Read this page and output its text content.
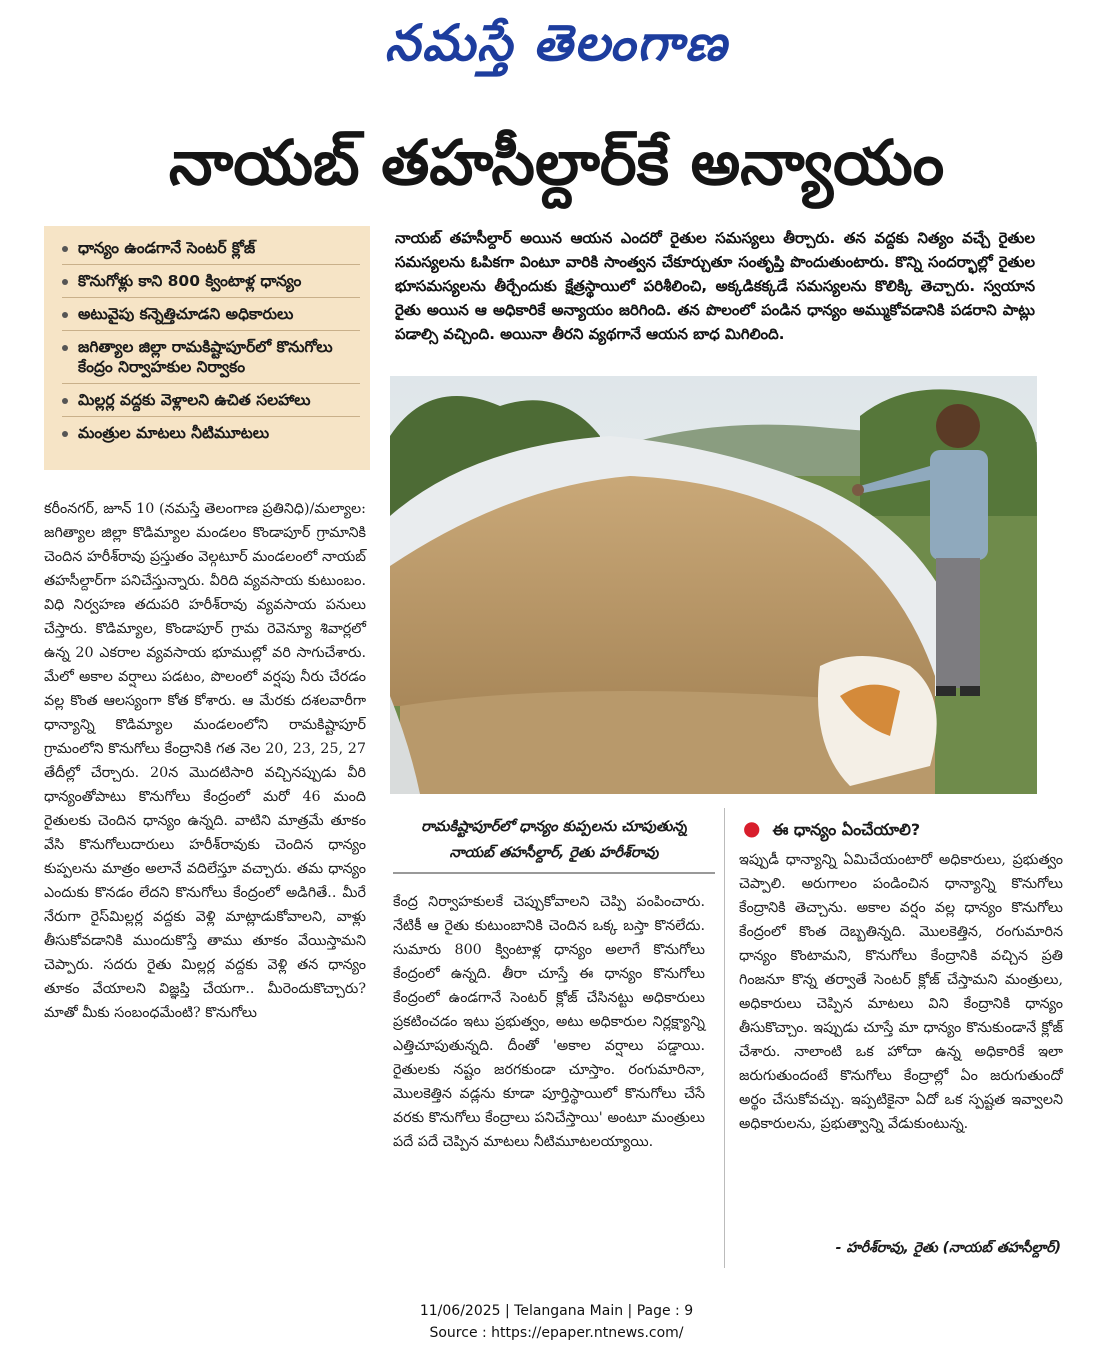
నమస్తే తెలంగాణ
నాయబ్ తహసీల్దార్‌కే అన్యాయం
ధాన్యం ఉండగానే సెంటర్ క్లోజ్
కొనుగోళ్లు కాని 800 క్వింటాళ్ల ధాన్యం
అటువైపు కన్నెత్తిచూడని అధికారులు
జగిత్యాల జిల్లా రామకిష్టాపూర్‌లో కొనుగోలు కేంద్రం నిర్వాహకుల నిర్వాకం
మిల్లర్ల వద్దకు వెళ్లాలని ఉచిత సలహాలు
మంత్రుల మాటలు నీటిమూటలు
నాయబ్ తహసీల్దార్ అయిన ఆయన ఎందరో రైతుల సమస్యలు తీర్చారు. తన వద్దకు నిత్యం వచ్చే రైతుల సమస్యలను ఓపికగా వింటూ వారికి సాంత్వన చేకూర్చుతూ సంతృప్తి పొందుతుంటారు. కొన్ని సందర్భాల్లో రైతుల భూసమస్యలను తీర్చేందుకు క్షేత్రస్థాయిలో పరిశీలించి, అక్కడికక్కడే సమస్యలను కొలిక్కి తెచ్చారు. స్వయాన రైతు అయిన ఆ అధికారికే అన్యాయం జరిగింది. తన పొలంలో పండిన ధాన్యం అమ్ముకోవడానికి పడరాని పాట్లు పడాల్సి వచ్చింది. అయినా తీరని వ్యథగానే ఆయన బాధ మిగిలింది.
కరీంనగర్, జూన్ 10 (నమస్తే తెలంగాణ ప్రతినిధి)/మల్యాల: జగిత్యాల జిల్లా కొడిమ్యాల మండలం కొండాపూర్ గ్రామానికి చెందిన హరీశ్‌రావు ప్రస్తుతం వెల్గటూర్ మండలంలో నాయబ్ తహసీల్దార్‌గా పనిచేస్తున్నారు. వీరిది వ్యవసాయ కుటుంబం. విధి నిర్వహణ తదుపరి హరీశ్‌రావు వ్యవసాయ పనులు చేస్తారు. కొడిమ్యాల, కొండాపూర్ గ్రామ రెవెన్యూ శివార్లలో ఉన్న 20 ఎకరాల వ్యవసాయ భూముల్లో వరి సాగుచేశారు. మేలో అకాల వర్షాలు పడటం, పొలంలో వర్షపు నీరు చేరడం వల్ల కొంత ఆలస్యంగా కోత కోశారు. ఆ మేరకు దశలవారీగా ధాన్యాన్ని కొడిమ్యాల మండలంలోని రామకిష్టాపూర్ గ్రామంలోని కొనుగోలు కేంద్రానికి గత నెల 20, 23, 25, 27 తేదీల్లో చేర్చారు. 20న మొదటిసారి వచ్చినప్పుడు వీరి ధాన్యంతోపాటు కొనుగోలు కేంద్రంలో మరో 46 మంది రైతులకు చెందిన ధాన్యం ఉన్నది. వాటిని మాత్రమే తూకం వేసి కొనుగోలుదారులు హరీశ్‌రావుకు చెందిన ధాన్యం కుప్పలను మాత్రం అలానే వదిలేస్తూ వచ్చారు. తమ ధాన్యం ఎందుకు కొనడం లేదని కొనుగోలు కేంద్రంలో అడిగితే.. మీరే నేరుగా రైస్‌మిల్లర్ల వద్దకు వెళ్లి మాట్లాడుకోవాలని, వాళ్లు తీసుకోవడానికి ముందుకొస్తే తాము తూకం వేయిస్తామని చెప్పారు. సదరు రైతు మిల్లర్ల వద్దకు వెళ్లి తన ధాన్యం తూకం వేయాలని విజ్ఞప్తి చేయగా.. మీరెందుకొచ్చారు? మాతో మీకు సంబంధమేంటి? కొనుగోలు
రామకిష్టాపూర్‌లో ధాన్యం కుప్పలను చూపుతున్న
నాయబ్ తహసీల్దార్, రైతు హరీశ్‌రావు
కేంద్ర నిర్వాహకులకే చెప్పుకోవాలని చెప్పి పంపించారు. నేటికీ ఆ రైతు కుటుంబానికి చెందిన ఒక్క బస్తా కొనలేదు. సుమారు 800 క్వింటాళ్ల ధాన్యం అలాగే కొనుగోలు కేంద్రంలో ఉన్నది. తీరా చూస్తే ఈ ధాన్యం కొనుగోలు కేంద్రంలో ఉండగానే సెంటర్ క్లోజ్ చేసినట్టు అధికారులు ప్రకటించడం ఇటు ప్రభుత్వం, అటు అధికారుల నిర్లక్ష్యాన్ని ఎత్తిచూపుతున్నది. దీంతో 'అకాల వర్షాలు పడ్డాయి. రైతులకు నష్టం జరగకుండా చూస్తాం. రంగుమారినా, మొలకెత్తిన వడ్లను కూడా పూర్తిస్థాయిలో కొనుగోలు చేసే వరకు కొనుగోలు కేంద్రాలు పనిచేస్తాయి' అంటూ మంత్రులు పదే పదే చెప్పిన మాటలు నీటిమూటలయ్యాయి.
● ఈ ధాన్యం ఏంచేయాలి?
ఇప్పుడీ ధాన్యాన్ని ఏమిచేయంటారో అధికారులు, ప్రభుత్వం చెప్పాలి. అరుగాలం పండించిన ధాన్యాన్ని కొనుగోలు కేంద్రానికి తెచ్చాను. అకాల వర్షం వల్ల ధాన్యం కొనుగోలు కేంద్రంలో కొంత దెబ్బతిన్నది. మొలకెత్తిన, రంగుమారిన ధాన్యం కొంటామని, కొనుగోలు కేంద్రానికి వచ్చిన ప్రతి గింజనూ కొన్న తర్వాతే సెంటర్ క్లోజ్ చేస్తామని మంత్రులు, అధికారులు చెప్పిన మాటలు విని కేంద్రానికి ధాన్యం తీసుకొచ్చాం. ఇప్పుడు చూస్తే మా ధాన్యం కొనుకుండానే క్లోజ్ చేశారు. నాలాంటి ఒక హోదా ఉన్న అధికారికే ఇలా జరుగుతుందంటే కొనుగోలు కేంద్రాల్లో ఏం జరుగుతుందో అర్థం చేసుకోవచ్చు. ఇప్పటికైనా ఏదో ఒక స్పష్టత ఇవ్వాలని అధికారులను, ప్రభుత్వాన్ని వేడుకుంటున్న.
- హరీశ్‌రావు, రైతు (నాయబ్ తహసీల్దార్)
11/06/2025 | Telangana Main | Page : 9
Source : https://epaper.ntnews.com/
